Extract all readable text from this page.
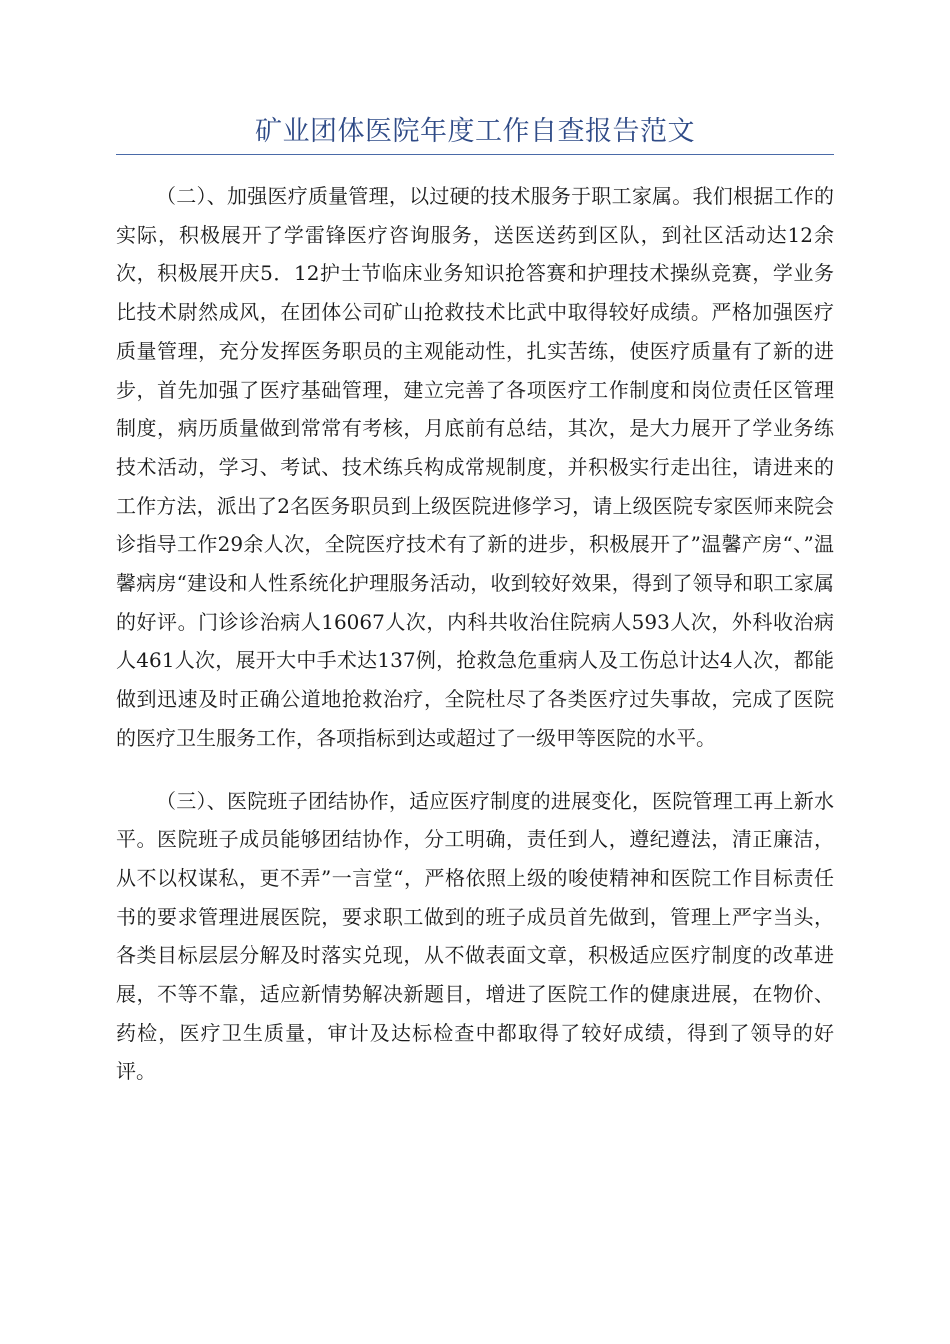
矿业团体医院年度工作自查报告范文

（二）、加强医疗质量管理，以过硬的技术服务于职工家属。我们根据工作的实际，积极展开了学雷锋医疗咨询服务，送医送药到区队，到社区活动达12余次，积极展开庆5．12护士节临床业务知识抢答赛和护理技术操纵竞赛，学业务比技术尉然成风，在团体公司矿山抢救技术比武中取得较好成绩。严格加强医疗质量管理，充分发挥医务职员的主观能动性，扎实苦练，使医疗质量有了新的进步，首先加强了医疗基础管理，建立完善了各项医疗工作制度和岗位责任区管理制度，病历质量做到常常有考核，月底前有总结，其次，是大力展开了学业务练技术活动，学习、考试、技术练兵构成常规制度，并积极实行走出往，请进来的工作方法，派出了2名医务职员到上级医院进修学习，请上级医院专家医师来院会诊指导工作29余人次，全院医疗技术有了新的进步，积极展开了”温馨产房“、”温馨病房“建设和人性系统化护理服务活动，收到较好效果，得到了领导和职工家属的好评。门诊诊治病人16067人次，内科共收治住院病人593人次，外科收治病人461人次，展开大中手术达137例，抢救急危重病人及工伤总计达4人次，都能做到迅速及时正确公道地抢救治疗，全院杜尽了各类医疗过失事故，完成了医院的医疗卫生服务工作，各项指标到达或超过了一级甲等医院的水平。

（三）、医院班子团结协作，适应医疗制度的进展变化，医院管理工再上新水平。医院班子成员能够团结协作，分工明确，责任到人，遵纪遵法，清正廉洁，从不以权谋私，更不弄”一言堂“，严格依照上级的唆使精神和医院工作目标责任书的要求管理进展医院，要求职工做到的班子成员首先做到，管理上严字当头，各类目标层层分解及时落实兑现，从不做表面文章，积极适应医疗制度的改革进展，不等不靠，适应新情势解决新题目，增进了医院工作的健康进展，在物价、药检，医疗卫生质量，审计及达标检查中都取得了较好成绩，得到了领导的好评。
